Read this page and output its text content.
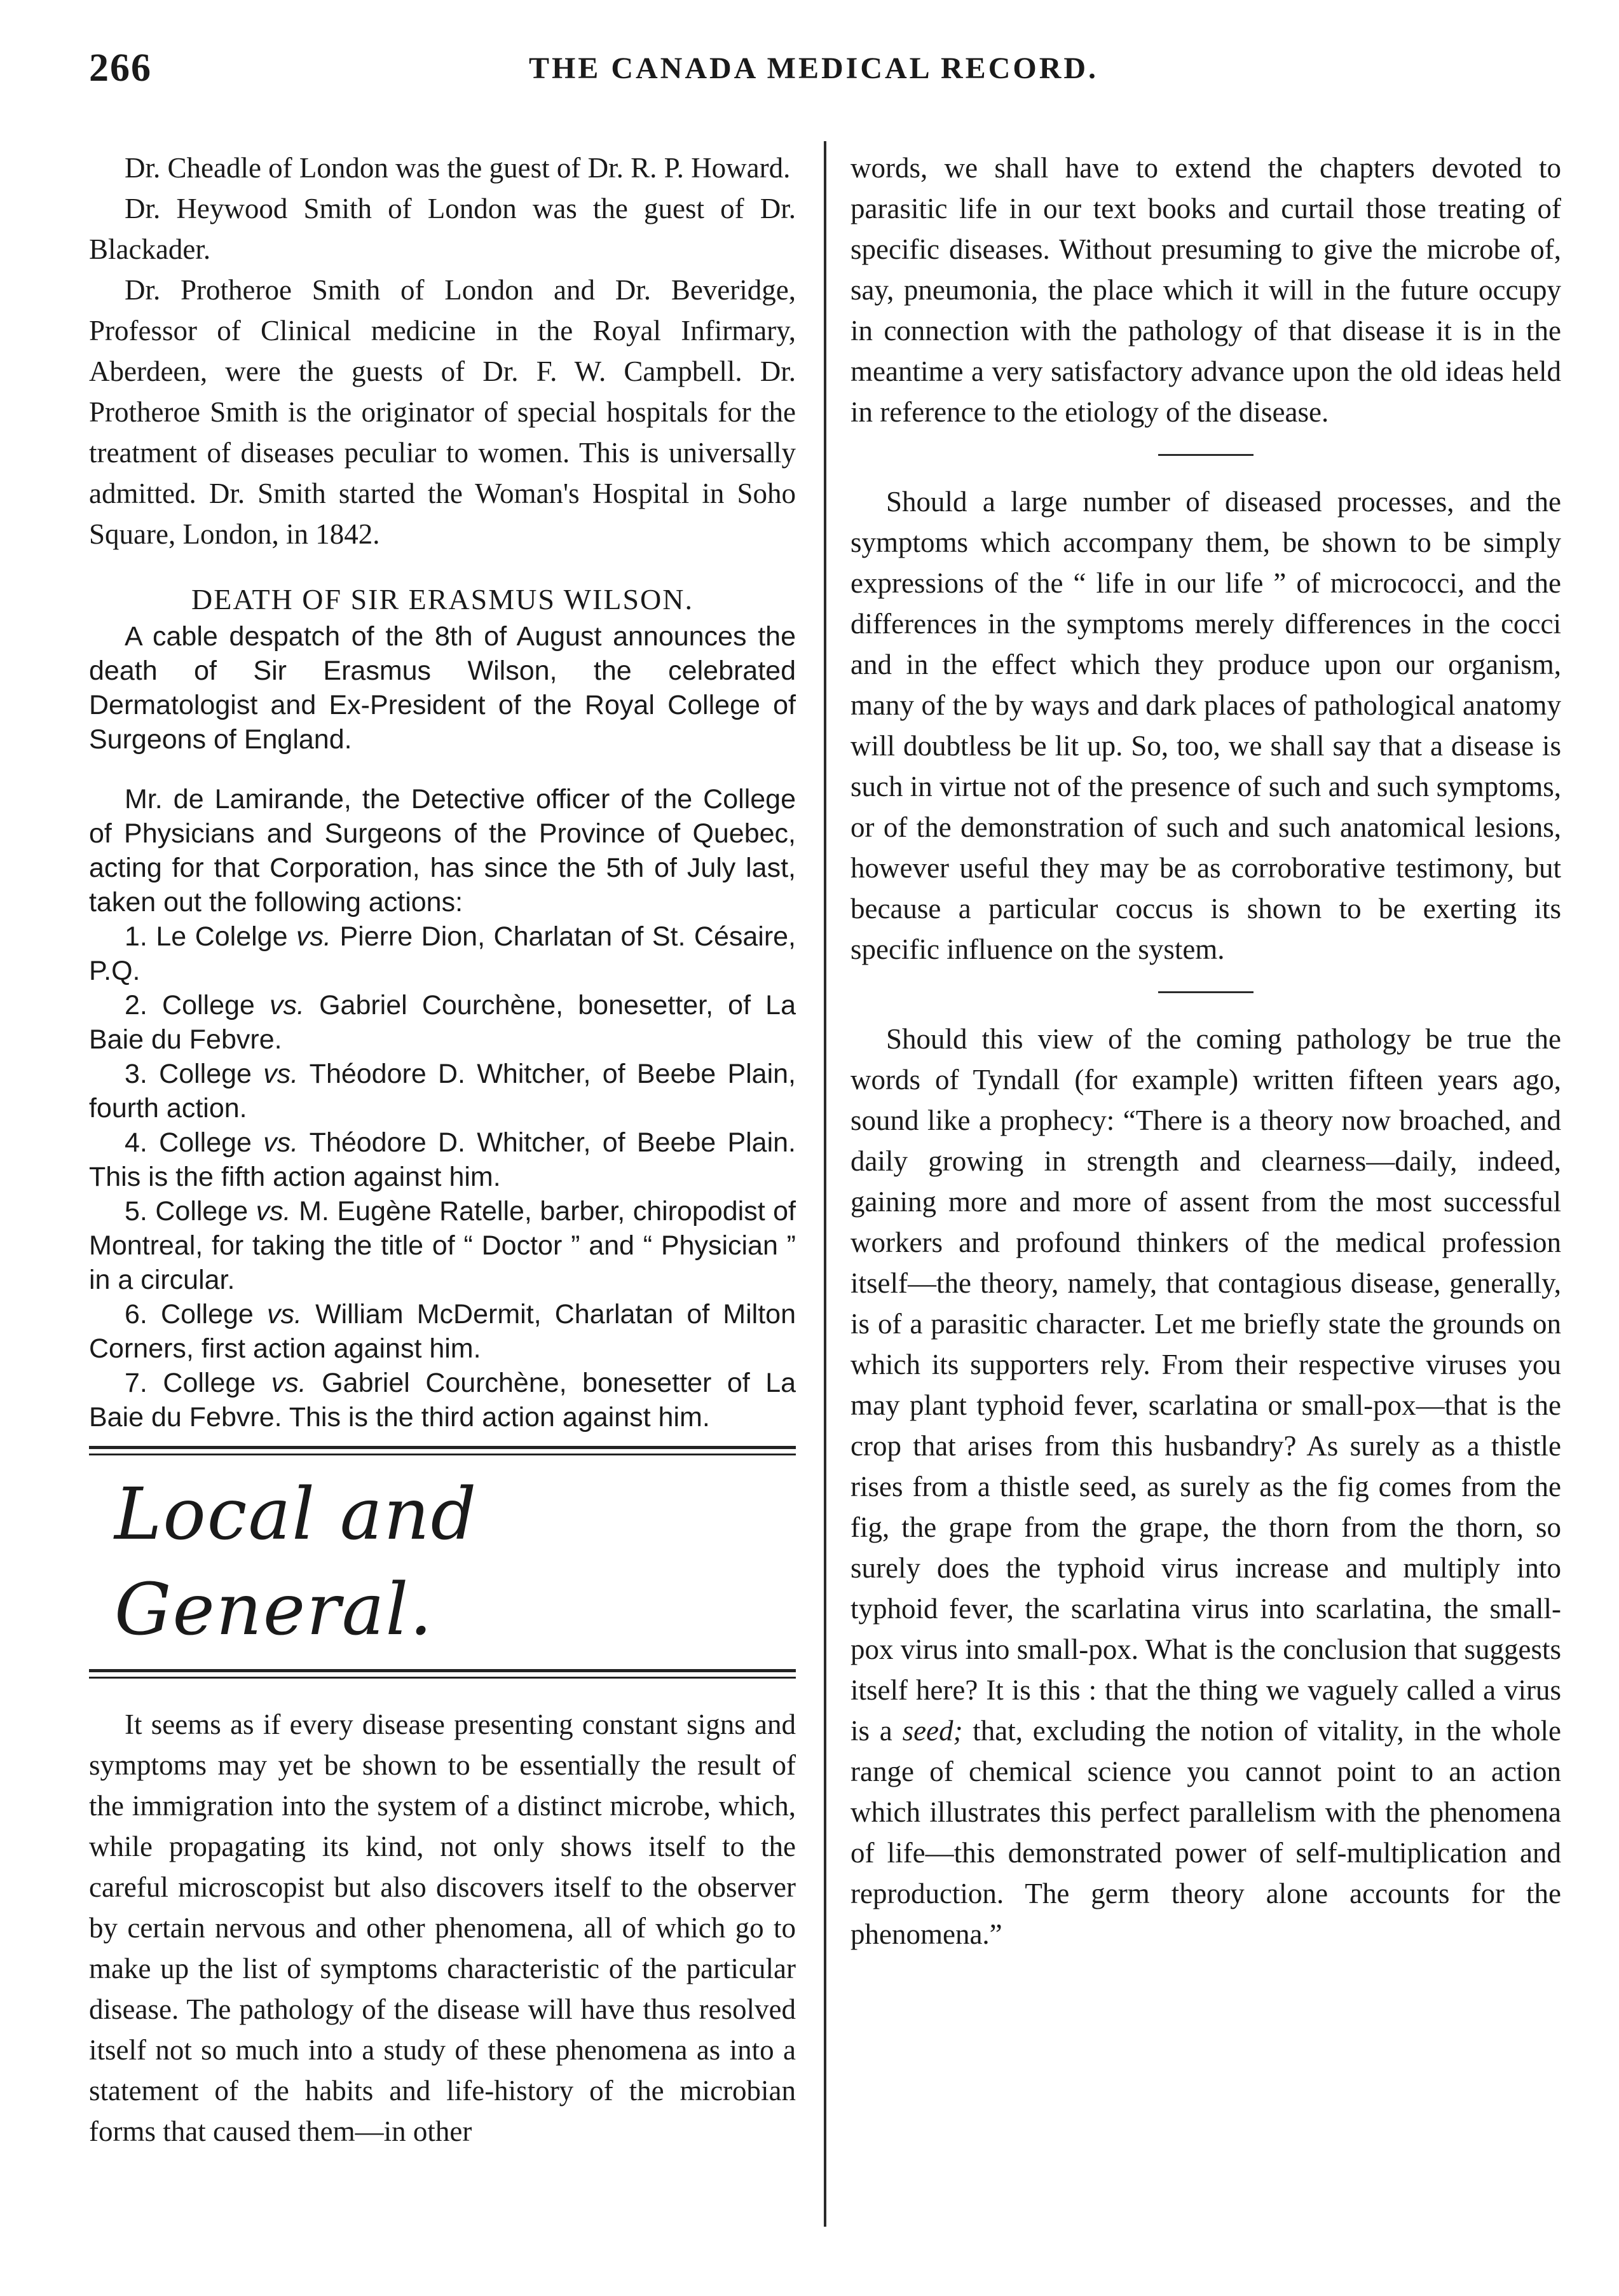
266	THE CANADA MEDICAL RECORD.

Dr. Cheadle of London was the guest of Dr. R. P. Howard.

Dr. Heywood Smith of London was the guest of Dr. Blackader.

Dr. Protheroe Smith of London and Dr. Beveridge, Professor of Clinical medicine in the Royal Infirmary, Aberdeen, were the guests of Dr. F. W. Campbell. Dr. Protheroe Smith is the originator of special hospitals for the treatment of diseases peculiar to women. This is universally admitted. Dr. Smith started the Woman's Hospital in Soho Square, London, in 1842.

DEATH OF SIR ERASMUS WILSON.

A cable despatch of the 8th of August announces the death of Sir Erasmus Wilson, the celebrated Dermatologist and Ex-President of the Royal College of Surgeons of England.

Mr. de Lamirande, the Detective officer of the College of Physicians and Surgeons of the Province of Quebec, acting for that Corporation, has since the 5th of July last, taken out the following actions:

1. Le Colelge vs. Pierre Dion, Charlatan of St. Césaire, P.Q.

2. College vs. Gabriel Courchène, bonesetter, of La Baie du Febvre.

3. College vs. Théodore D. Whitcher, of Beebe Plain, fourth action.

4. College vs. Théodore D. Whitcher, of Beebe Plain. This is the fifth action against him.

5. College vs. M. Eugène Ratelle, barber, chiropodist of Montreal, for taking the title of “ Doctor ” and “ Physician ” in a circular.

6. College vs. William McDermit, Charlatan of Milton Corners, first action against him.

7. College vs. Gabriel Courchène, bonesetter of La Baie du Febvre. This is the third action against him.

Local and General.

It seems as if every disease presenting constant signs and symptoms may yet be shown to be essentially the result of the immigration into the system of a distinct microbe, which, while propagating its kind, not only shows itself to the careful microscopist but also discovers itself to the observer by certain nervous and other phenomena, all of which go to make up the list of symptoms characteristic of the particular disease. The pathology of the disease will have thus resolved itself not so much into a study of these phenomena as into a statement of the habits and life-history of the microbian forms that caused them—in other

words, we shall have to extend the chapters devoted to parasitic life in our text books and curtail those treating of specific diseases. Without presuming to give the microbe of, say, pneumonia, the place which it will in the future occupy in connection with the pathology of that disease it is in the meantime a very satisfactory advance upon the old ideas held in reference to the etiology of the disease.

Should a large number of diseased processes, and the symptoms which accompany them, be shown to be simply expressions of the “ life in our life ” of micrococci, and the differences in the symptoms merely differences in the cocci and in the effect which they produce upon our organism, many of the by ways and dark places of pathological anatomy will doubtless be lit up. So, too, we shall say that a disease is such in virtue not of the presence of such and such symptoms, or of the demonstration of such and such anatomical lesions, however useful they may be as corroborative testimony, but because a particular coccus is shown to be exerting its specific influence on the system.

Should this view of the coming pathology be true the words of Tyndall (for example) written fifteen years ago, sound like a prophecy: “There is a theory now broached, and daily growing in strength and clearness—daily, indeed, gaining more and more of assent from the most successful workers and profound thinkers of the medical profession itself—the theory, namely, that contagious disease, generally, is of a parasitic character. Let me briefly state the grounds on which its supporters rely. From their respective viruses you may plant typhoid fever, scarlatina or small-pox—that is the crop that arises from this husbandry? As surely as a thistle rises from a thistle seed, as surely as the fig comes from the fig, the grape from the grape, the thorn from the thorn, so surely does the typhoid virus increase and multiply into typhoid fever, the scarlatina virus into scarlatina, the small-pox virus into small-pox. What is the conclusion that suggests itself here? It is this : that the thing we vaguely called a virus is a seed; that, excluding the notion of vitality, in the whole range of chemical science you cannot point to an action which illustrates this perfect parallelism with the phenomena of life—this demonstrated power of self-multiplication and reproduction. The germ theory alone accounts for the phenomena.”
